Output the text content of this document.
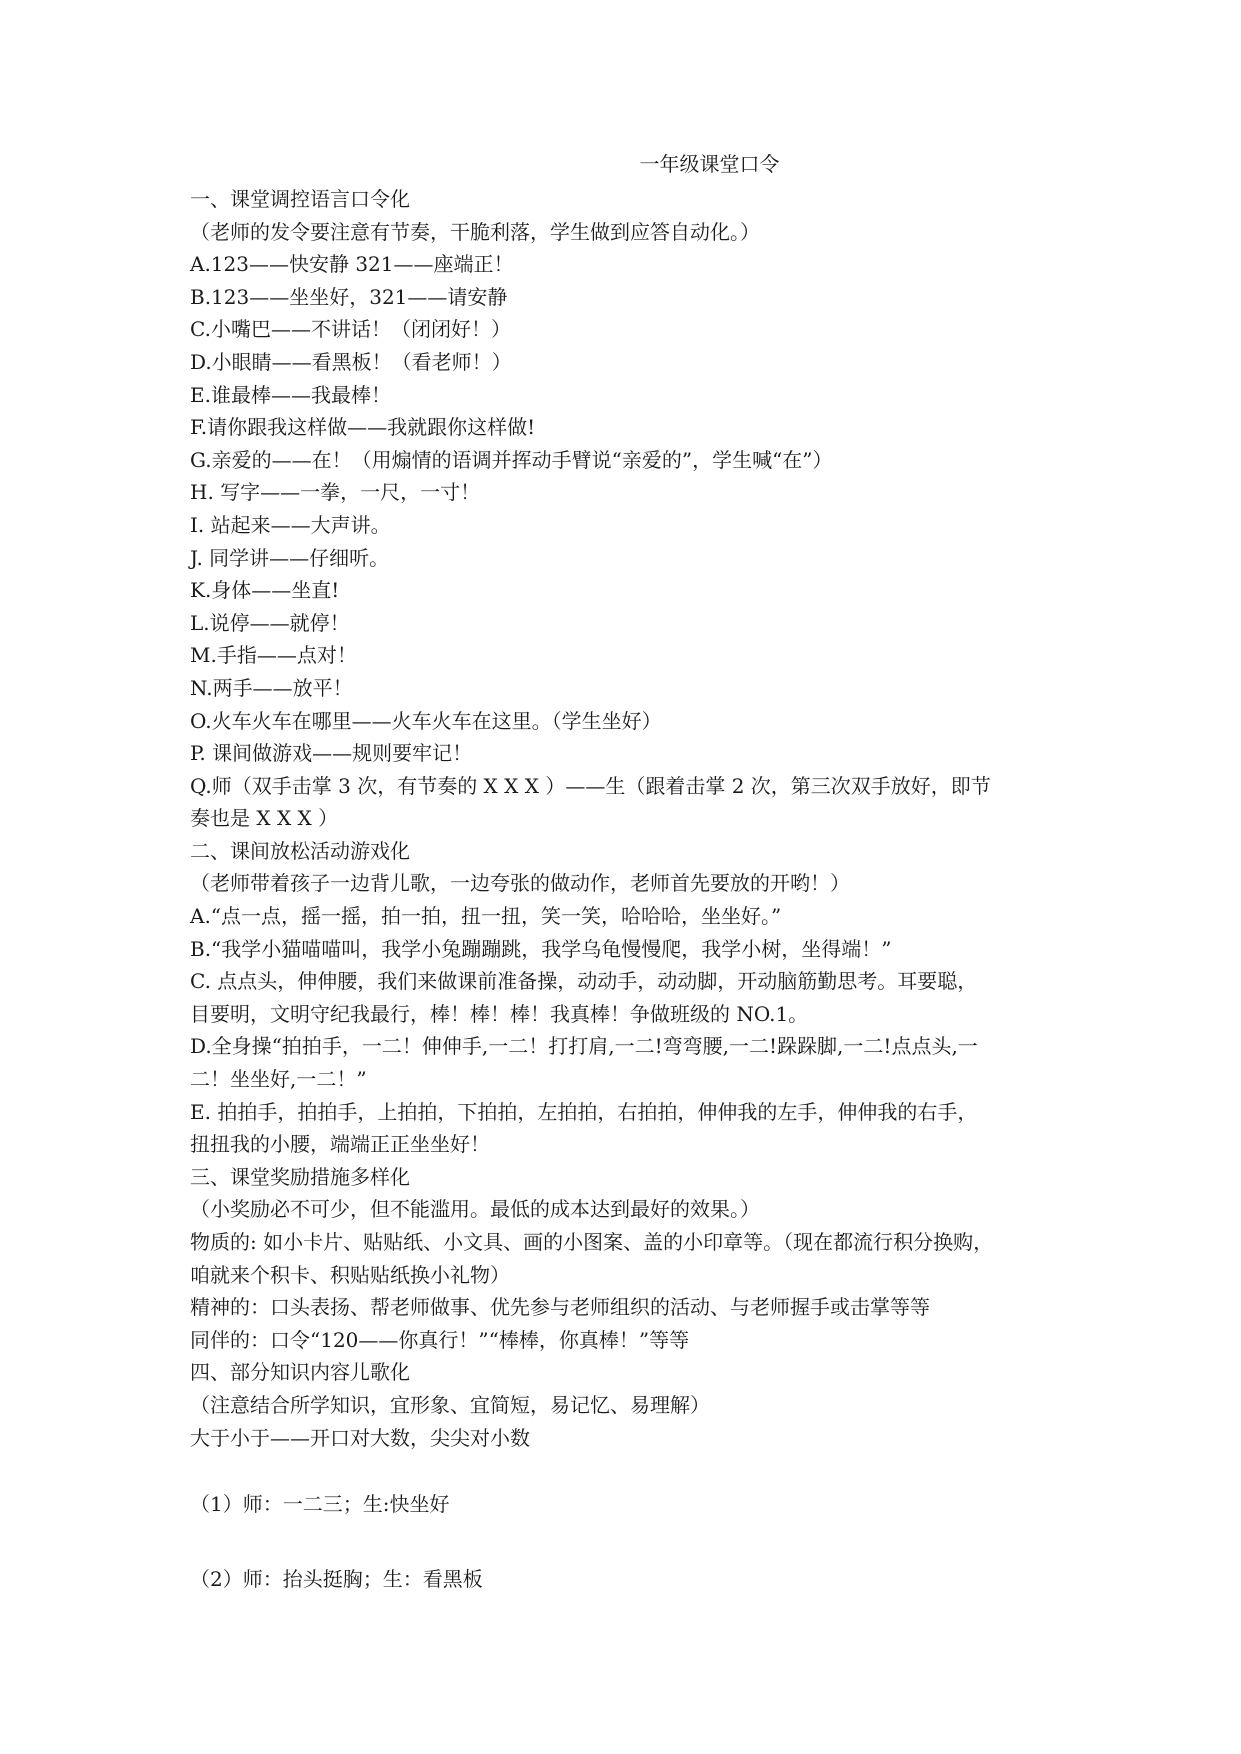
一年级课堂口令

一、课堂调控语言口令化

（老师的发令要注意有节奏，干脆利落，学生做到应答自动化。）

A.123——快安静 321——座端正！

B.123——坐坐好，321——请安静

C.小嘴巴——不讲话！（闭闭好！）

D.小眼睛——看黑板！（看老师！）

E.谁最棒——我最棒！

F.请你跟我这样做——我就跟你这样做!

G.亲爱的——在！（用煽情的语调并挥动手臂说“亲爱的”，学生喊“在”）

H. 写字——一拳，一尺，一寸！

I. 站起来——大声讲。

J. 同学讲——仔细听。

K.身体——坐直!

L.说停——就停！

M.手指——点对！

N.两手——放平！

O.火车火车在哪里——火车火车在这里。（学生坐好）

P. 课间做游戏——规则要牢记！

Q.师（双手击掌 3 次，有节奏的 X X X ）——生（跟着击掌 2 次，第三次双手放好，即节

奏也是 X X X ）

二、课间放松活动游戏化

（老师带着孩子一边背儿歌，一边夸张的做动作，老师首先要放的开哟！）

A.“点一点，摇一摇，拍一拍，扭一扭，笑一笑，哈哈哈，坐坐好。”

B.“我学小猫喵喵叫，我学小兔蹦蹦跳，我学乌龟慢慢爬，我学小树，坐得端！”

C. 点点头，伸伸腰，我们来做课前准备操，动动手，动动脚，开动脑筋勤思考。耳要聪，

目要明，文明守纪我最行，棒！棒！棒！我真棒！争做班级的 NO.1。

D.全身操“拍拍手，一二！伸伸手,一二！打打肩,一二!弯弯腰,一二!跺跺脚,一二!点点头,一

二！坐坐好,一二！”

E. 拍拍手，拍拍手，上拍拍，下拍拍，左拍拍，右拍拍，伸伸我的左手，伸伸我的右手，

扭扭我的小腰，端端正正坐坐好！

三、课堂奖励措施多样化

（小奖励必不可少，但不能滥用。最低的成本达到最好的效果。）

物质的: 如小卡片、贴贴纸、小文具、画的小图案、盖的小印章等。（现在都流行积分换购，

咱就来个积卡、积贴贴纸换小礼物）

精神的：口头表扬、帮老师做事、优先参与老师组织的活动、与老师握手或击掌等等

同伴的：口令“120——你真行！”“棒棒，你真棒！”等等

四、部分知识内容儿歌化

（注意结合所学知识，宜形象、宜简短，易记忆、易理解）

大于小于——开口对大数，尖尖对小数

（1）师：一二三；生:快坐好
（2）师：抬头挺胸；生：看黑板
